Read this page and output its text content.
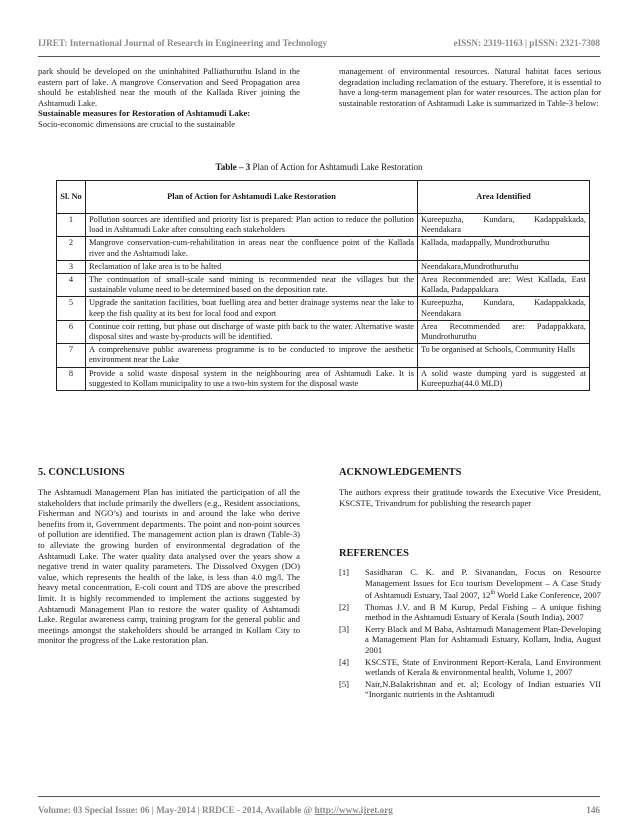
IJRET: International Journal of Research in Engineering and Technology	eISSN: 2319-1163 | pISSN: 2321-7308

park should be developed on the uninhabited Palliathuruthu Island in the eastern part of lake. A mangrove Conservation and Seed Propagation area should be established near the mouth of the Kallada River joining the Ashtamudi Lake.

Sustainable measures for Restoration of Ashtamudi Lake:

Socio-economic dimensions are crucial to the sustainable

management of environmental resources. Natural habitat faces serious degradation including reclamation of the estuary. Therefore, it is essential to have a long-term management plan for water resources. The action plan for sustainable restoration of Ashtamudi Lake is summarized in Table-3 below:

Table – 3 Plan of Action for Ashtamudi Lake Restoration
Sl. No	Plan of Action for Ashtamudi Lake Restoration	Area Identified
1	Pollution sources are identified and priority list is prepared: Plan action to reduce the pollution load in Ashtamudi Lake after consulting each stakeholders	Kureepuzha, Kundara, Kadappakkada, Neendakara
2	Mangrove conservation-cum-rehabilitation in areas near the confluence point of the Kallada river and the Ashtamudi lake.	Kallada, madappally, Mundrothuruthu
3	Reclamation of lake area is to be halted	Neendakara,Mundrothuruthu
4	The continuation of small-scale sand mining is recommended near the villages but the sustainable volume need to be determined based on the deposition rate.	Area Recommended are: West Kallada, East Kallada, Padappakkara
5	Upgrade the sanitation facilities, boat fuelling area and better drainage systems near the lake to keep the fish quality at its best for local food and export	Kureepuzha, Kundara, Kadappakkada, Neendakara
6	Continue coir retting, but phase out discharge of waste pith back to the water. Alternative waste disposal sites and waste by-products will be identified.	Area Recommended are: Padappakkara, Mundrothuruthu
7	A comprehensive public awareness programme is to be conducted to improve the aesthetic environment near the Lake	To be organised at Schools, Community Halls
8	Provide a solid waste disposal system in the neighbouring area of Ashtamudi Lake. It is suggested to Kollam municipality to use a two-bin system for the disposal waste	A solid waste dumping yard is suggested at Kureepuzha(44.0 MLD)
5. CONCLUSIONS

The Ashtamudi Management Plan has initiated the participation of all the stakeholders that include primarily the dwellers (e.g., Resident associations, Fisherman and NGO’s) and tourists in and around the lake who derive benefits from it, Government departments. The point and non-point sources of pollution are identified. The management action plan is drawn (Table-3) to alleviate the growing burden of environmental degradation of the Ashtamudi Lake. The water quality data analysed over the years show a negative trend in water quality parameters. The Dissolved Oxygen (DO) value, which represents the health of the lake, is less than 4.0 mg/l. The heavy metal concentration, E-coli count and TDS are above the prescribed limit. It is highly recommended to implement the actions suggested by Ashtamudi Management Plan to restore the water quality of Ashtamudi Lake. Regular awareness camp, training program for the general public and meetings amongst the stakeholders should be arranged in Kollam City to monitor the progress of the Lake restoration plan.

ACKNOWLEDGEMENTS

The authors express their gratitude towards the Executive Vice President, KSCSTE, Trivandrum for publishing the research paper

REFERENCES
[1]	Sasidharan C. K. and P. Sivanandan, Focus on Resource Management Issues for Eco tourism Development – A Case Study of Ashtamudi Estuary, Taal 2007, 12th World Lake Conference, 2007
[2]	Thomas J.V. and B M Kurup, Pedal Fishing – A unique fishing method in the Ashtamudi Estuary of Kerala (South India), 2007
[3]	Kerry Black and M Baba, Ashtamudi Management Plan-Developing a Management Plan for Ashtamudi Estuary, Kollam, India, August 2001
[4]	KSCSTE, State of Environment Report-Kerala, Land Environment wetlands of Kerala & environmental health, Volume 1, 2007
[5]	Nair,N.Balakrishnan and et. al; Ecology of Indian estuaries VII “Inorganic nutrients in the Ashtamudi
Volume: 03 Special Issue: 06 | May-2014 | RRDCE - 2014, Available @ http://www.ijret.org	146
